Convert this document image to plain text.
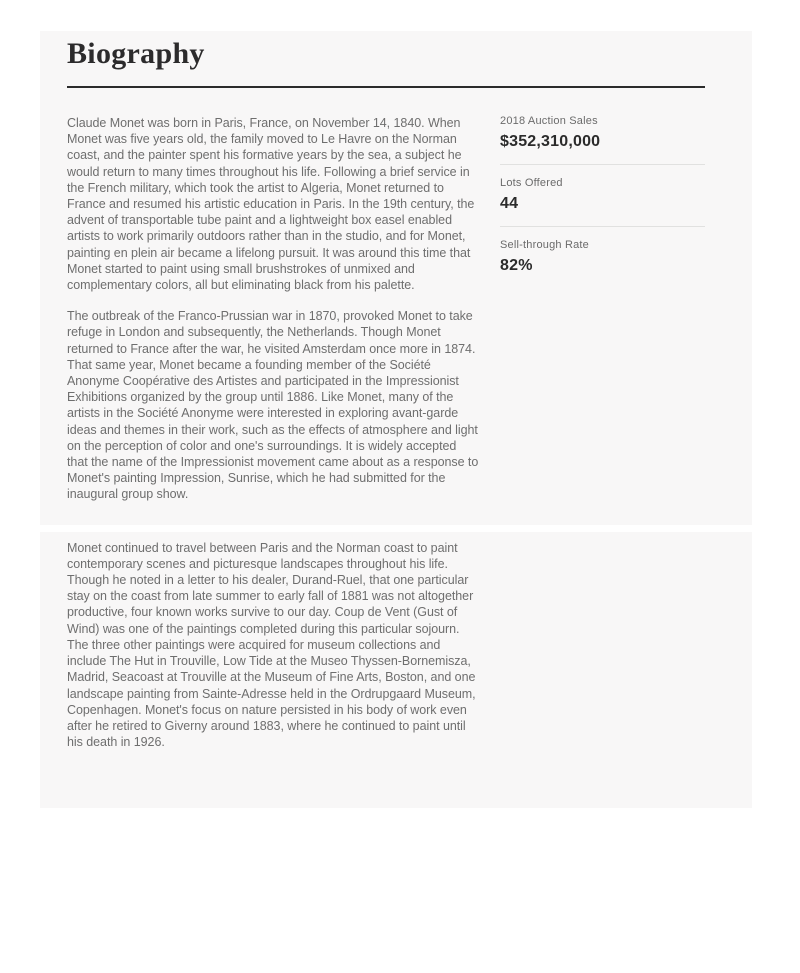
Biography

Claude Monet was born in Paris, France, on November 14, 1840. When Monet was five years old, the family moved to Le Havre on the Norman coast, and the painter spent his formative years by the sea, a subject he would return to many times throughout his life. Following a brief service in the French military, which took the artist to Algeria, Monet returned to France and resumed his artistic education in Paris. In the 19th century, the advent of transportable tube paint and a lightweight box easel enabled artists to work primarily outdoors rather than in the studio, and for Monet, painting en plein air became a lifelong pursuit. It was around this time that Monet started to paint using small brushstrokes of unmixed and complementary colors, all but eliminating black from his palette.

The outbreak of the Franco-Prussian war in 1870, provoked Monet to take refuge in London and subsequently, the Netherlands. Though Monet returned to France after the war, he visited Amsterdam once more in 1874. That same year, Monet became a founding member of the Société Anonyme Coopérative des Artistes and participated in the Impressionist Exhibitions organized by the group until 1886. Like Monet, many of the artists in the Société Anonyme were interested in exploring avant-garde ideas and themes in their work, such as the effects of atmosphere and light on the perception of color and one's surroundings. It is widely accepted that the name of the Impressionist movement came about as a response to Monet's painting Impression, Sunrise, which he had submitted for the inaugural group show.

2018 Auction Sales
$352,310,000
Lots Offered
44
Sell-through Rate
82%

Monet continued to travel between Paris and the Norman coast to paint contemporary scenes and picturesque landscapes throughout his life. Though he noted in a letter to his dealer, Durand-Ruel, that one particular stay on the coast from late summer to early fall of 1881 was not altogether productive, four known works survive to our day. Coup de Vent (Gust of Wind) was one of the paintings completed during this particular sojourn. The three other paintings were acquired for museum collections and include The Hut in Trouville, Low Tide at the Museo Thyssen-Bornemisza, Madrid, Seacoast at Trouville at the Museum of Fine Arts, Boston, and one landscape painting from Sainte-Adresse held in the Ordrupgaard Museum, Copenhagen. Monet's focus on nature persisted in his body of work even after he retired to Giverny around 1883, where he continued to paint until his death in 1926.
